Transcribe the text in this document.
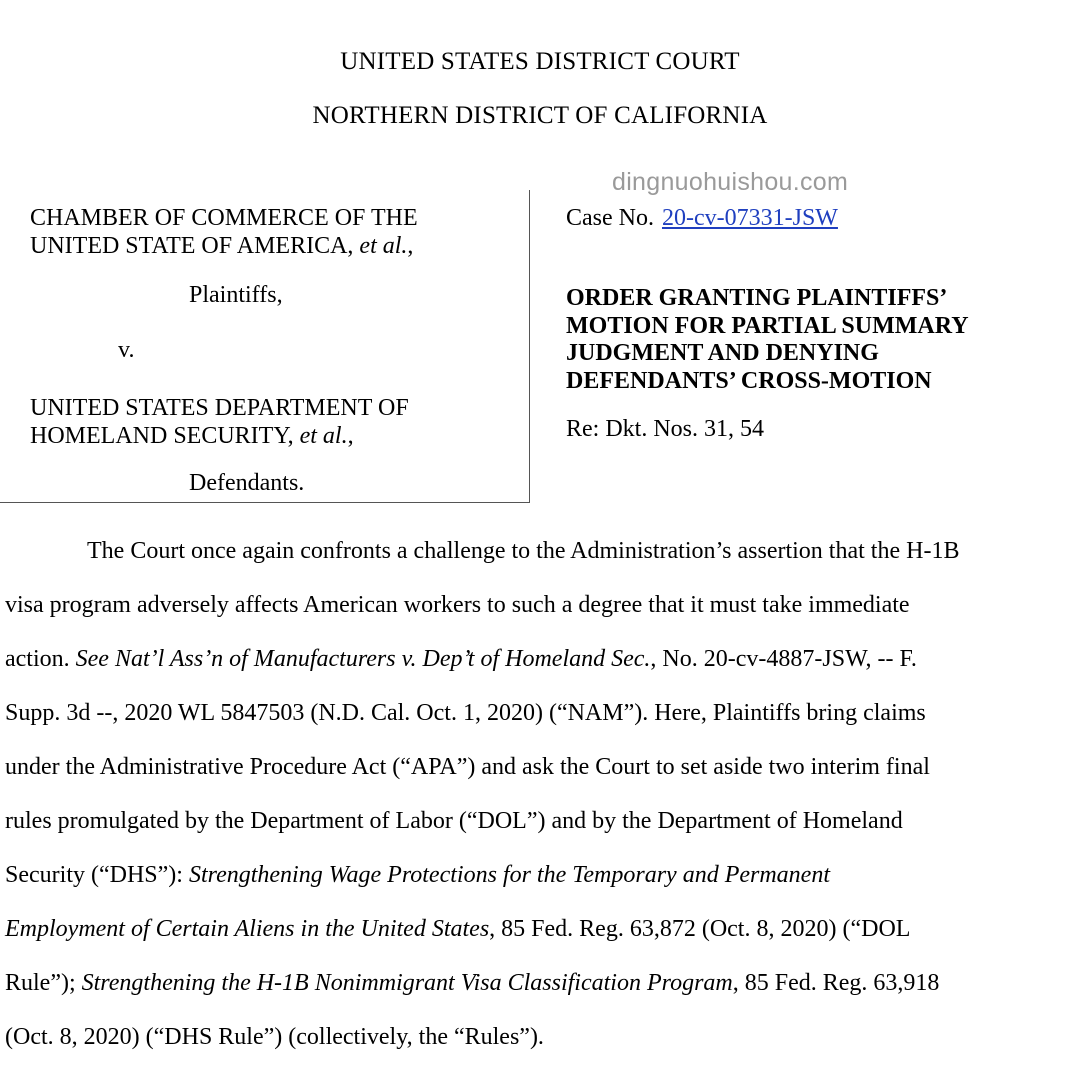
UNITED STATES DISTRICT COURT
NORTHERN DISTRICT OF CALIFORNIA
dingnuohuishou.com
CHAMBER OF COMMERCE OF THE
UNITED STATE OF AMERICA, et al.,
Plaintiffs,
v.
UNITED STATES DEPARTMENT OF
HOMELAND SECURITY, et al.,
Defendants.
Case No. 20-cv-07331-JSW
ORDER GRANTING PLAINTIFFS’
MOTION FOR PARTIAL SUMMARY
JUDGMENT AND DENYING
DEFENDANTS’ CROSS-MOTION
Re: Dkt. Nos. 31, 54
The Court once again confronts a challenge to the Administration’s assertion that the H-1B
visa program adversely affects American workers to such a degree that it must take immediate
action. See Nat’l Ass’n of Manufacturers v. Dep’t of Homeland Sec., No. 20-cv-4887-JSW, -- F.
Supp. 3d --, 2020 WL 5847503 (N.D. Cal. Oct. 1, 2020) (“NAM”). Here, Plaintiffs bring claims
under the Administrative Procedure Act (“APA”) and ask the Court to set aside two interim final
rules promulgated by the Department of Labor (“DOL”) and by the Department of Homeland
Security (“DHS”): Strengthening Wage Protections for the Temporary and Permanent
Employment of Certain Aliens in the United States, 85 Fed. Reg. 63,872 (Oct. 8, 2020) (“DOL
Rule”); Strengthening the H-1B Nonimmigrant Visa Classification Program, 85 Fed. Reg. 63,918
(Oct. 8, 2020) (“DHS Rule”) (collectively, the “Rules”).
